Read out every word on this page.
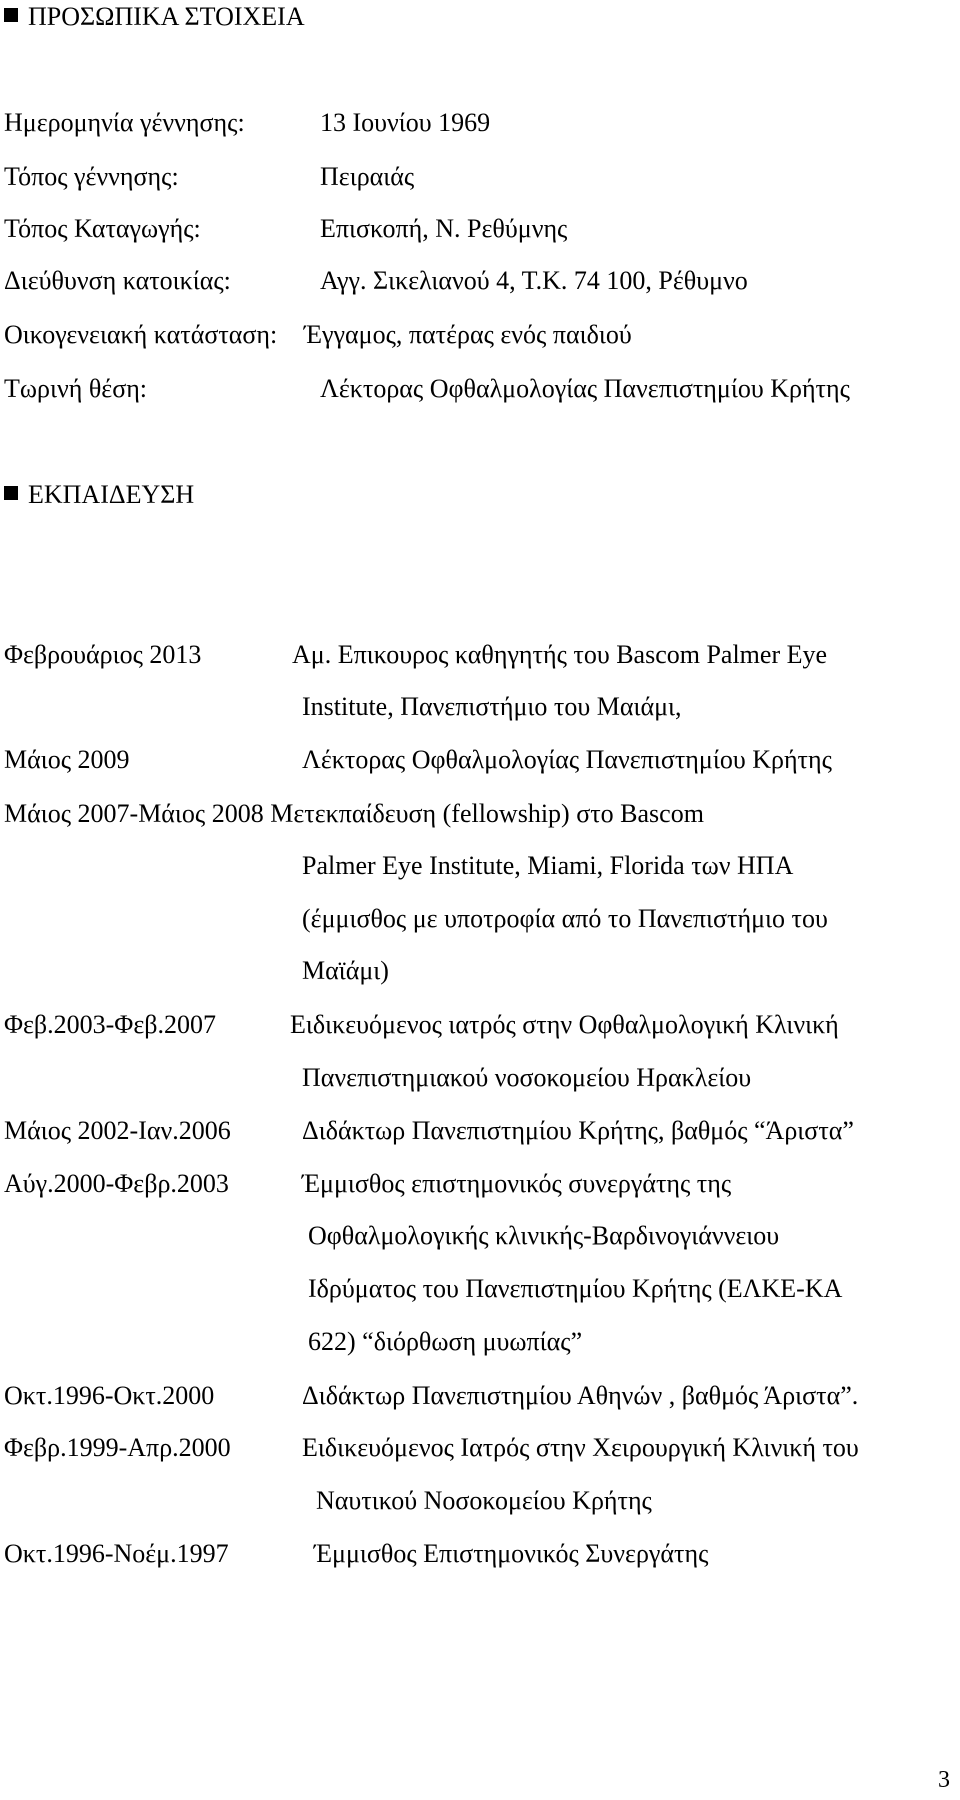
ΠΡΟΣΩΠΙΚΑ ΣΤΟΙΧΕΙΑ
Ημερομηνία γέννησης:	13 Ιουνίου 1969
Τόπος γέννησης:	Πειραιάς
Τόπος Καταγωγής:	Επισκοπή, Ν. Ρεθύμνης
Διεύθυνση κατοικίας:	Αγγ. Σικελιανού 4, Τ.Κ. 74 100, Ρέθυμνο
Οικογενειακή κατάσταση: Έγγαμος, πατέρας ενός παιδιού
Τωρινή θέση:	Λέκτορας Οφθαλμολογίας Πανεπιστημίου Κρήτης
ΕΚΠΑΙΔΕΥΣΗ
Φεβρουάριος 2013	Αμ. Επικουρος καθηγητής του Bascom Palmer Eye
Institute, Πανεπιστήμιο του Μαιάμι,
Μάιος 2009	Λέκτορας Οφθαλμολογίας Πανεπιστημίου Κρήτης
Μάιος 2007-Μάιος 2008 Μετεκπαίδευση (fellowship) στο Bascom
Palmer Eye Institute, Miami, Florida των ΗΠΑ
(έμμισθος με υποτροφία από το Πανεπιστήμιο του
Μαϊάμι)
Φεβ.2003-Φεβ.2007	Ειδικευόμενος ιατρός στην Οφθαλμολογική Κλινική
Πανεπιστημιακού νοσοκομείου Ηρακλείου
Μάιος 2002-Ιαν.2006	Διδάκτωρ Πανεπιστημίου Κρήτης, βαθμός “Άριστα”
Αύγ.2000-Φεβρ.2003	Έμμισθος επιστημονικός συνεργάτης της
Οφθαλμολογικής κλινικής-Βαρδινογιάννειου
Ιδρύματος του Πανεπιστημίου Κρήτης (ΕΛΚΕ-ΚΑ
622) “διόρθωση μυωπίας”
Οκτ.1996-Οκτ.2000	Διδάκτωρ Πανεπιστημίου Αθηνών , βαθμός Άριστα”.
Φεβρ.1999-Απρ.2000	Ειδικευόμενος Ιατρός στην Χειρουργική Κλινική του
Ναυτικού Νοσοκομείου Κρήτης
Οκτ.1996-Νοέμ.1997	Έμμισθος Επιστημονικός Συνεργάτης
3
